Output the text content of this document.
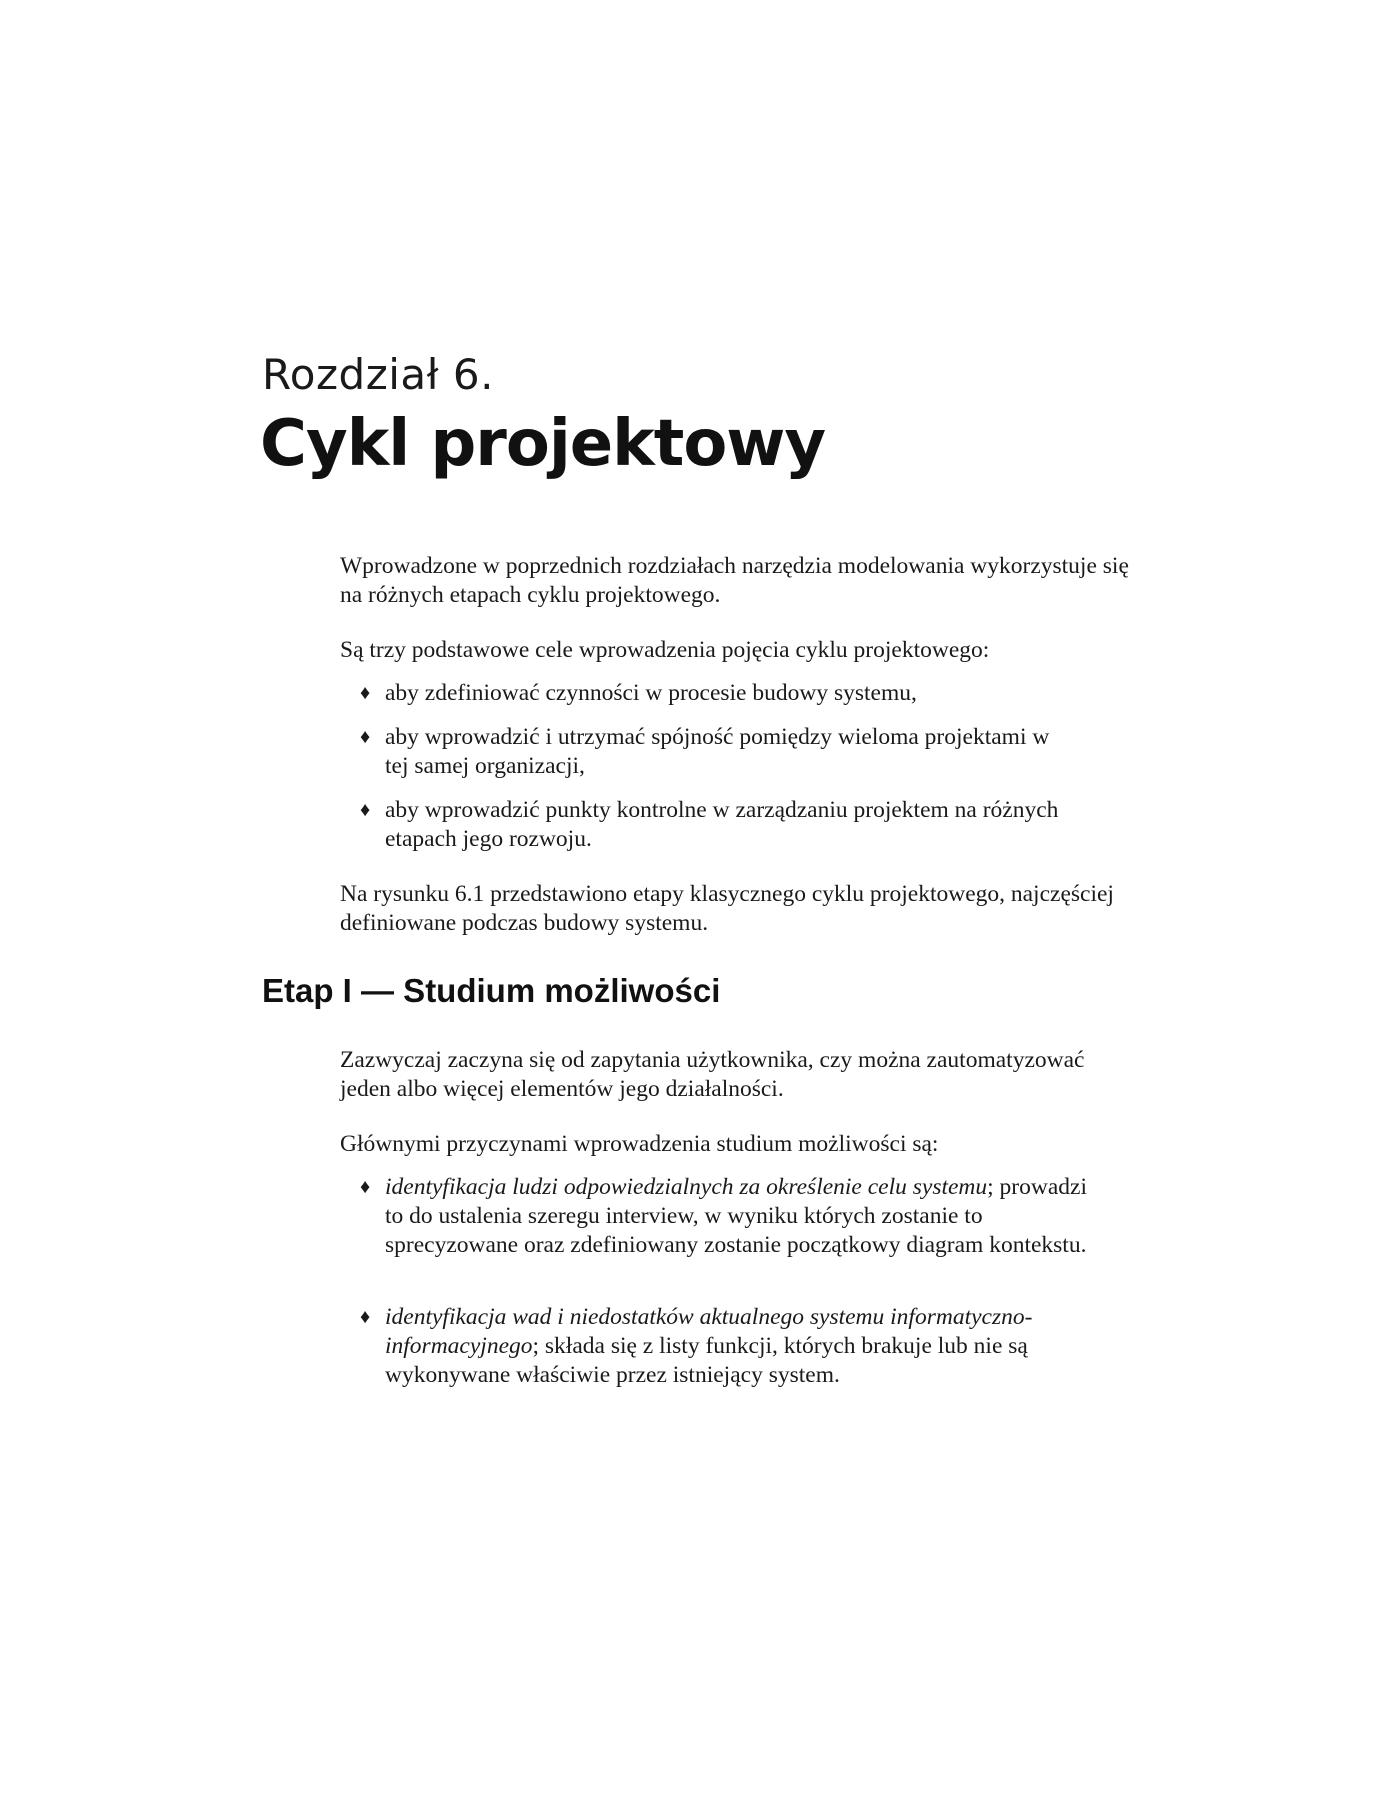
Rozdział 6.
Cykl projektowy

Wprowadzone w poprzednich rozdziałach narzędzia modelowania wykorzystuje się na różnych etapach cyklu projektowego.

Są trzy podstawowe cele wprowadzenia pojęcia cyklu projektowego:

♦ aby zdefiniować czynności w procesie budowy systemu,
♦ aby wprowadzić i utrzymać spójność pomiędzy wieloma projektami w tej samej organizacji,
♦ aby wprowadzić punkty kontrolne w zarządzaniu projektem na różnych etapach jego rozwoju.

Na rysunku 6.1 przedstawiono etapy klasycznego cyklu projektowego, najczęściej definiowane podczas budowy systemu.

Etap I — Studium możliwości

Zazwyczaj zaczyna się od zapytania użytkownika, czy można zautomatyzować jeden albo więcej elementów jego działalności.

Głównymi przyczynami wprowadzenia studium możliwości są:

♦ identyfikacja ludzi odpowiedzialnych za określenie celu systemu; prowadzi to do ustalenia szeregu interview, w wyniku których zostanie to sprecyzowane oraz zdefiniowany zostanie początkowy diagram kontekstu.
♦ identyfikacja wad i niedostatków aktualnego systemu informatyczno-informacyjnego; składa się z listy funkcji, których brakuje lub nie są wykonywane właściwie przez istniejący system.
